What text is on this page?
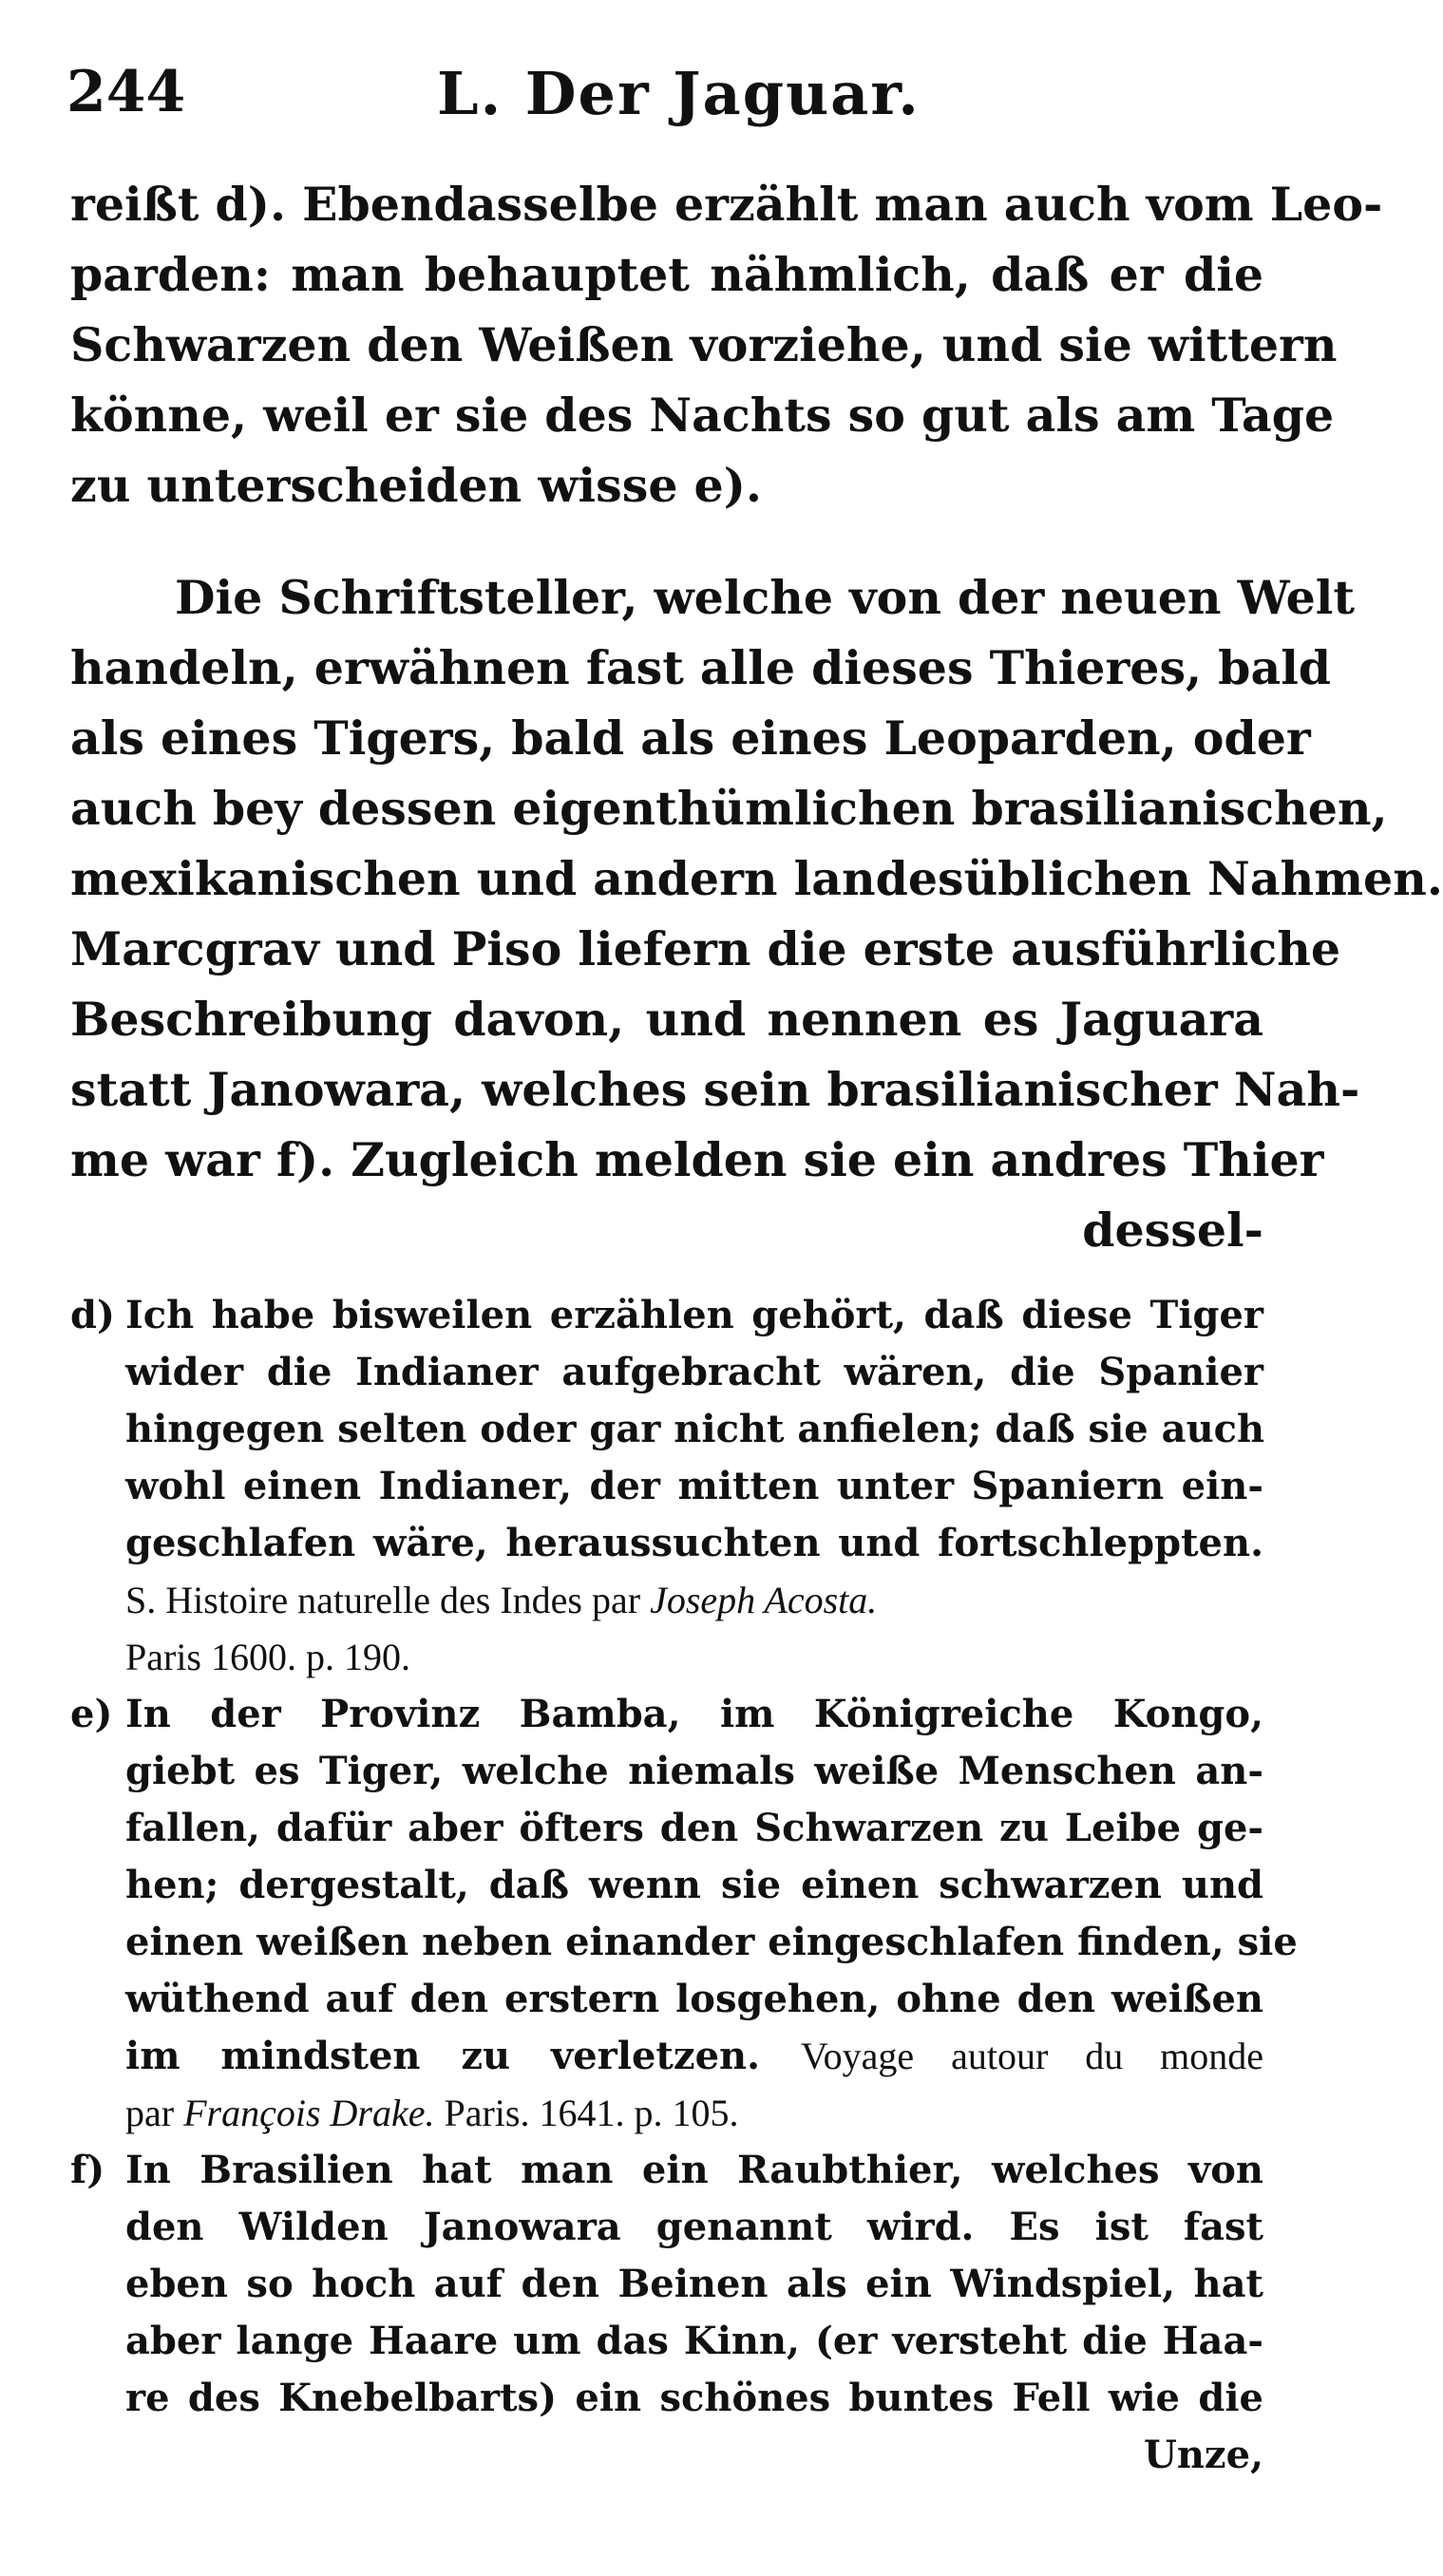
244	L. Der Jaguar.
reißt d). Ebendasselbe erzählt man auch vom Leo-
parden: man behauptet nähmlich, daß er die
Schwarzen den Weißen vorziehe, und sie wittern
könne, weil er sie des Nachts so gut als am Tage
zu unterscheiden wisse e).
Die Schriftsteller, welche von der neuen Welt
handeln, erwähnen fast alle dieses Thieres, bald
als eines Tigers, bald als eines Leoparden, oder
auch bey dessen eigenthümlichen brasilianischen,
mexikanischen und andern landesüblichen Nahmen.
Marcgrav und Piso liefern die erste ausführliche
Beschreibung davon, und nennen es Jaguara
statt Janowara, welches sein brasilianischer Nah-
me war f). Zugleich melden sie ein andres Thier
dessel-
d) Ich habe bisweilen erzählen gehört, daß diese Tiger
wider die Indianer aufgebracht wären, die Spanier
hingegen selten oder gar nicht anfielen; daß sie auch
wohl einen Indianer, der mitten unter Spaniern ein-
geschlafen wäre, heraussuchten und fortschleppten.
S. Histoire naturelle des Indes par Joseph Acosta.
Paris 1600. p. 190.
e) In der Provinz Bamba, im Königreiche Kongo,
giebt es Tiger, welche niemals weiße Menschen an-
fallen, dafür aber öfters den Schwarzen zu Leibe ge-
hen; dergestalt, daß wenn sie einen schwarzen und
einen weißen neben einander eingeschlafen finden, sie
wüthend auf den erstern losgehen, ohne den weißen
im mindsten zu verletzen. Voyage autour du monde
par François Drake. Paris. 1641. p. 105.
f) In Brasilien hat man ein Raubthier, welches von
den Wilden Janowara genannt wird. Es ist fast
eben so hoch auf den Beinen als ein Windspiel, hat
aber lange Haare um das Kinn, (er versteht die Haa-
re des Knebelbarts) ein schönes buntes Fell wie die
Unze,
